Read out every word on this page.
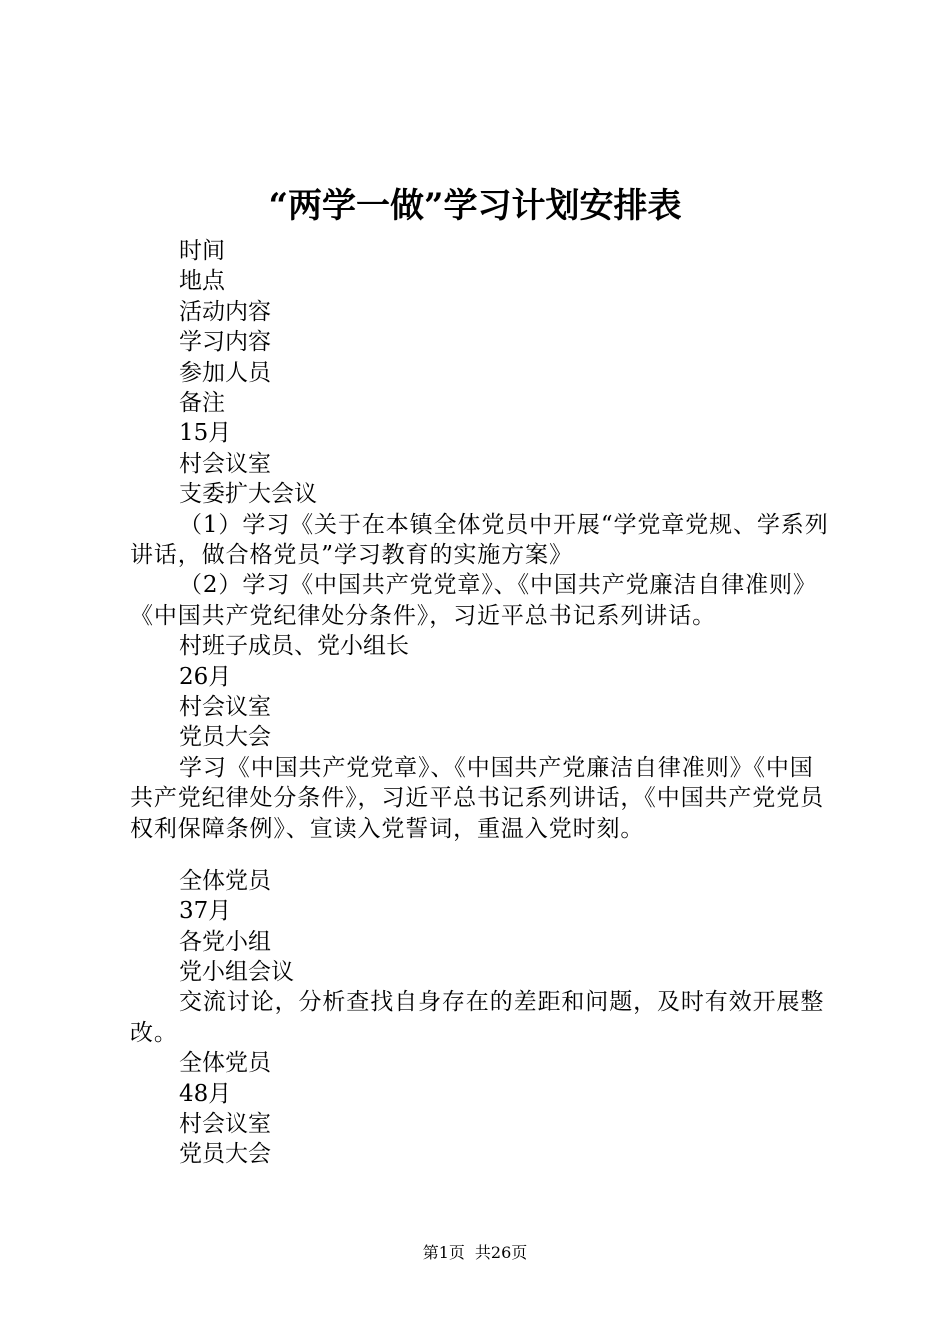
“两学一做”学习计划安排表
时间
地点
活动内容
学习内容
参加人员
备注
15月
村会议室
支委扩大会议
（1）学习《关于在本镇全体党员中开展“学党章党规、学系列讲话，做合格党员”学习教育的实施方案》
（2）学习《中国共产党党章》、《中国共产党廉洁自律准则》《中国共产党纪律处分条件》，习近平总书记系列讲话。
村班子成员、党小组长
26月
村会议室
党员大会
学习《中国共产党党章》、《中国共产党廉洁自律准则》《中国共产党纪律处分条件》，习近平总书记系列讲话，《中国共产党党员权利保障条例》、宣读入党誓词，重温入党时刻。
全体党员
37月
各党小组
党小组会议
交流讨论，分析查找自身存在的差距和问题，及时有效开展整改。
全体党员
48月
村会议室
党员大会
第1页 共26页
